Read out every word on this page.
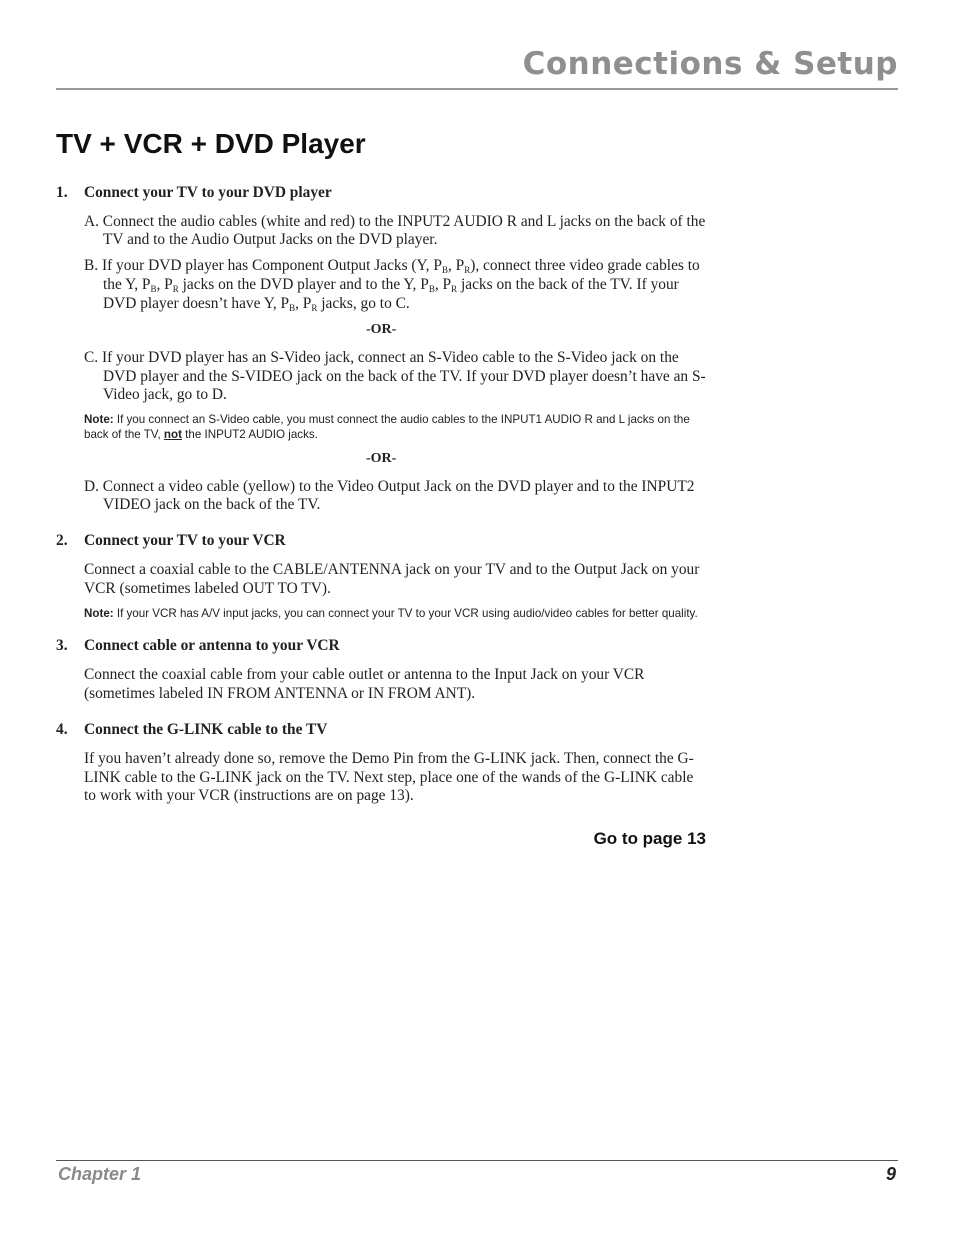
Connections & Setup
TV + VCR + DVD Player

1.	Connect your TV to your DVD player

A. Connect the audio cables (white and red) to the INPUT2 AUDIO R and L jacks on the back of the TV and to the Audio Output Jacks on the DVD player.

B. If your DVD player has Component Output Jacks (Y, $P_B$, $P_R$), connect three video grade cables to the Y, $P_B$, $P_R$ jacks on the DVD player and to the Y, $P_B$, $P_R$ jacks on the back of the TV. If your DVD player doesn’t have Y, $P_B$, $P_R$ jacks, go to C.

-OR-

C. If your DVD player has an S-Video jack, connect an S-Video cable to the S-Video jack on the DVD player and the S-VIDEO jack on the back of the TV. If your DVD player doesn’t have an S-Video jack, go to D.

Note: If you connect an S-Video cable, you must connect the audio cables to the INPUT1 AUDIO R and L jacks on the back of the TV, not the INPUT2 AUDIO jacks.

-OR-

D. Connect a video cable (yellow) to the Video Output Jack on the DVD player and to the INPUT2 VIDEO jack on the back of the TV.

2.	Connect your TV to your VCR

Connect a coaxial cable to the CABLE/ANTENNA jack on your TV and to the Output Jack on your VCR (sometimes labeled OUT TO TV).

Note: If your VCR has A/V input jacks, you can connect your TV to your VCR using audio/video cables for better quality.

3.	Connect cable or antenna to your VCR

Connect the coaxial cable from your cable outlet or antenna to the Input Jack on your VCR (sometimes labeled IN FROM ANTENNA or IN FROM ANT).

4.	Connect the G-LINK cable to the TV

If you haven’t already done so, remove the Demo Pin from the G-LINK jack. Then, connect the G-LINK cable to the G-LINK jack on the TV. Next step, place one of the wands of the G-LINK cable to work with your VCR (instructions are on page 13).

Go to page 13
Chapter 1	9
